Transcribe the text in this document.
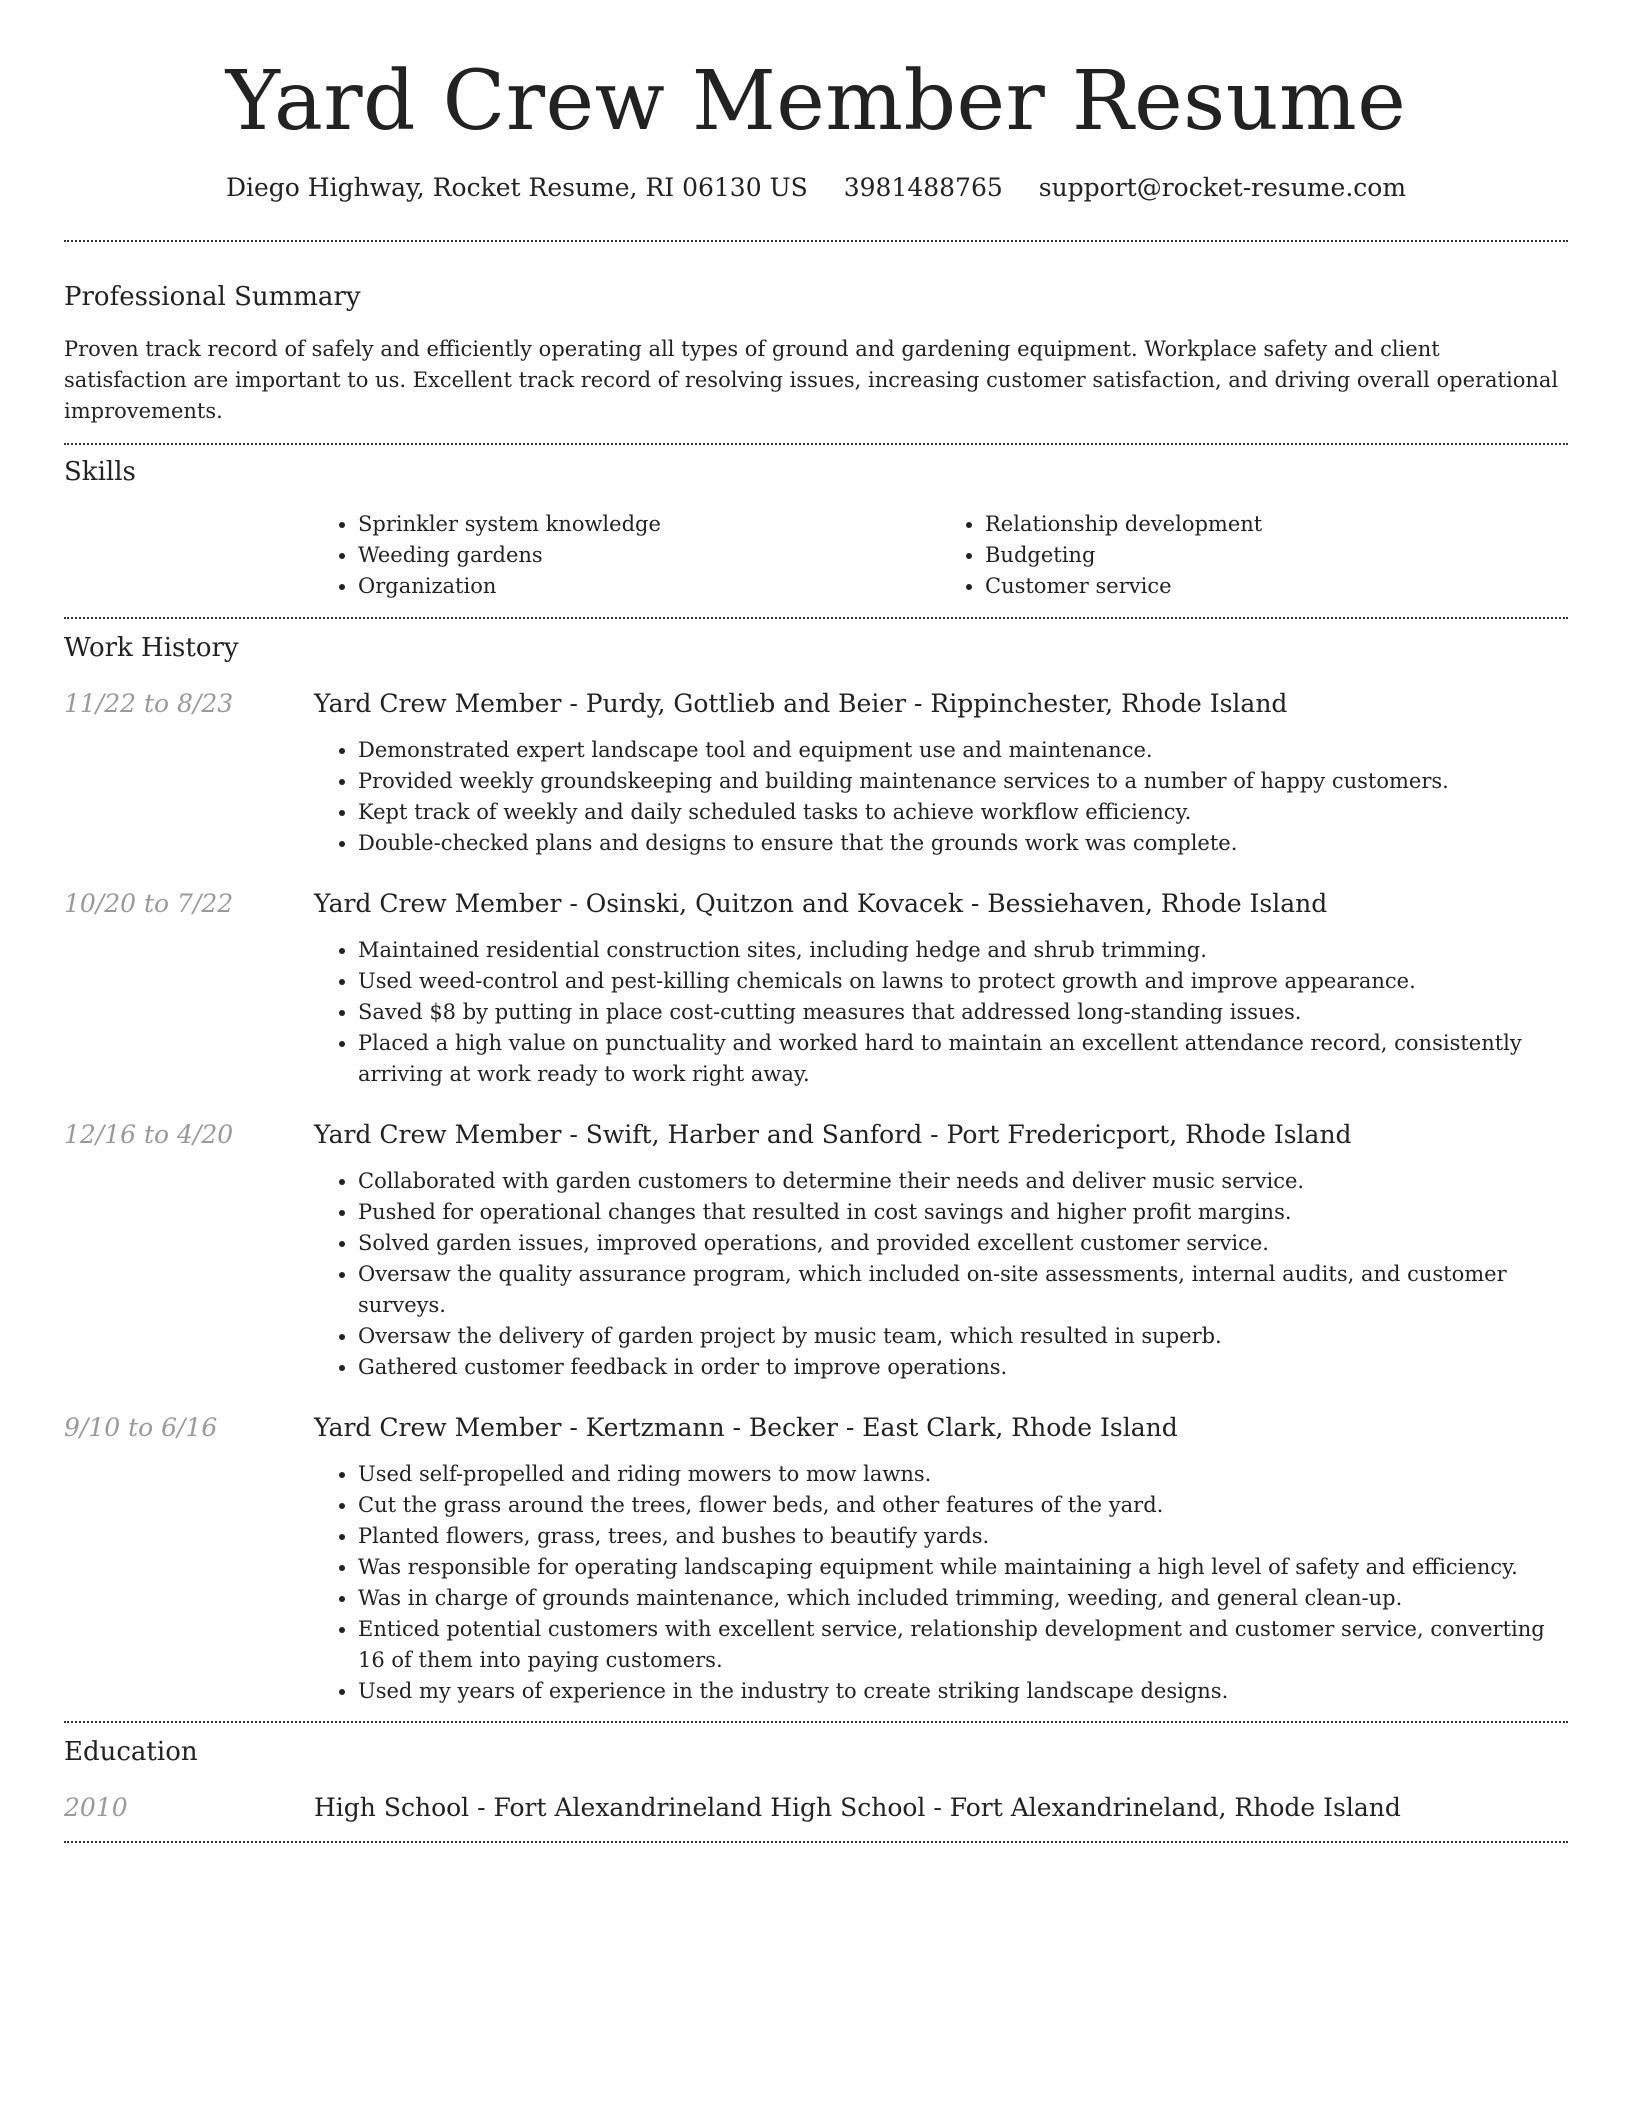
Yard Crew Member Resume
Diego Highway, Rocket Resume, RI 06130 US 3981488765 support@rocket-resume.com
Professional Summary

Proven track record of safely and efficiently operating all types of ground and gardening equipment. Workplace safety and client satisfaction are important to us. Excellent track record of resolving issues, increasing customer satisfaction, and driving overall operational improvements.

Skills
• Sprinkler system knowledge
• Weeding gardens
• Organization
• Relationship development
• Budgeting
• Customer service
Work History
11/22 to 8/23	Yard Crew Member - Purdy, Gottlieb and Beier - Rippinchester, Rhode Island
• Demonstrated expert landscape tool and equipment use and maintenance.
• Provided weekly groundskeeping and building maintenance services to a number of happy customers.
• Kept track of weekly and daily scheduled tasks to achieve workflow efficiency.
• Double-checked plans and designs to ensure that the grounds work was complete.
10/20 to 7/22	Yard Crew Member - Osinski, Quitzon and Kovacek - Bessiehaven, Rhode Island
• Maintained residential construction sites, including hedge and shrub trimming.
• Used weed-control and pest-killing chemicals on lawns to protect growth and improve appearance.
• Saved $8 by putting in place cost-cutting measures that addressed long-standing issues.
• Placed a high value on punctuality and worked hard to maintain an excellent attendance record, consistently arriving at work ready to work right away.
12/16 to 4/20	Yard Crew Member - Swift, Harber and Sanford - Port Fredericport, Rhode Island
• Collaborated with garden customers to determine their needs and deliver music service.
• Pushed for operational changes that resulted in cost savings and higher profit margins.
• Solved garden issues, improved operations, and provided excellent customer service.
• Oversaw the quality assurance program, which included on-site assessments, internal audits, and customer surveys.
• Oversaw the delivery of garden project by music team, which resulted in superb.
• Gathered customer feedback in order to improve operations.
9/10 to 6/16	Yard Crew Member - Kertzmann - Becker - East Clark, Rhode Island
• Used self-propelled and riding mowers to mow lawns.
• Cut the grass around the trees, flower beds, and other features of the yard.
• Planted flowers, grass, trees, and bushes to beautify yards.
• Was responsible for operating landscaping equipment while maintaining a high level of safety and efficiency.
• Was in charge of grounds maintenance, which included trimming, weeding, and general clean-up.
• Enticed potential customers with excellent service, relationship development and customer service, converting 16 of them into paying customers.
• Used my years of experience in the industry to create striking landscape designs.
Education
2010	High School - Fort Alexandrineland High School - Fort Alexandrineland, Rhode Island
